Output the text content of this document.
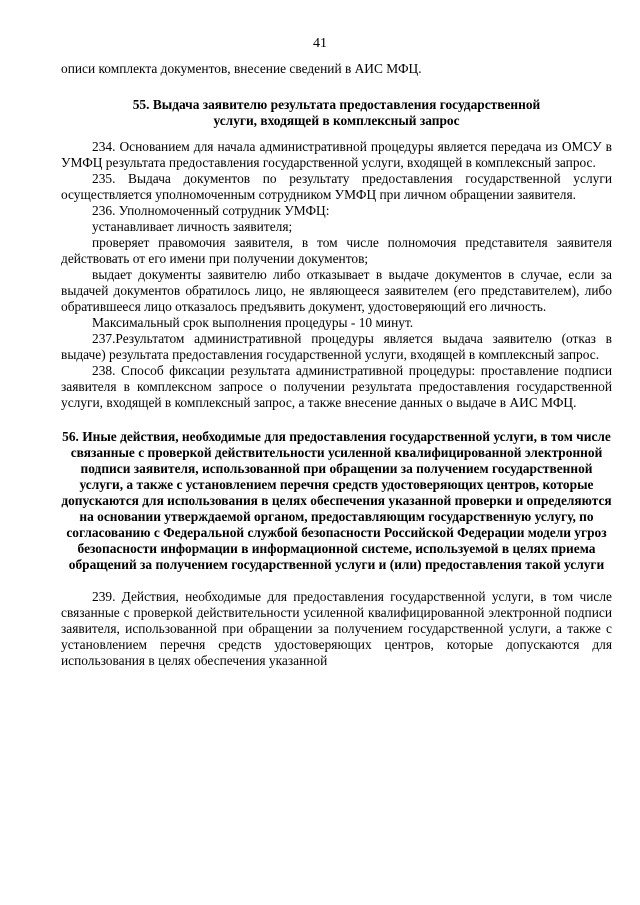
41

описи комплекта документов, внесение сведений в АИС МФЦ.

55. Выдача заявителю результата предоставления государственной услуги, входящей в комплексный запрос

234. Основанием для начала административной процедуры является передача из ОМСУ в УМФЦ результата предоставления государственной услуги, входящей в комплексный запрос.

235. Выдача документов по результату предоставления государственной услуги осуществляется уполномоченным сотрудником УМФЦ при личном обращении заявителя.

236. Уполномоченный сотрудник УМФЦ:

устанавливает личность заявителя;

проверяет правомочия заявителя, в том числе полномочия представителя заявителя действовать от его имени при получении документов;

выдает документы заявителю либо отказывает в выдаче документов в случае, если за выдачей документов обратилось лицо, не являющееся заявителем (его представителем), либо обратившееся лицо отказалось предъявить документ, удостоверяющий его личность.

Максимальный срок выполнения процедуры - 10 минут.

237.Результатом административной процедуры является выдача заявителю (отказ в выдаче) результата предоставления государственной услуги, входящей в комплексный запрос.

238. Способ фиксации результата административной процедуры: проставление подписи заявителя в комплексном запросе о получении результата предоставления государственной услуги, входящей в комплексный запрос, а также внесение данных о выдаче в АИС МФЦ.

56. Иные действия, необходимые для предоставления государственной услуги, в том числе связанные с проверкой действительности усиленной квалифицированной электронной подписи заявителя, использованной при обращении за получением государственной услуги, а также с установлением перечня средств удостоверяющих центров, которые допускаются для использования в целях обеспечения указанной проверки и определяются на основании утверждаемой органом, предоставляющим государственную услугу, по согласованию с Федеральной службой безопасности Российской Федерации модели угроз безопасности информации в информационной системе, используемой в целях приема обращений за получением государственной услуги и (или) предоставления такой услуги

239. Действия, необходимые для предоставления государственной услуги, в том числе связанные с проверкой действительности усиленной квалифицированной электронной подписи заявителя, использованной при обращении за получением государственной услуги, а также с установлением перечня средств удостоверяющих центров, которые допускаются для использования в целях обеспечения указанной
